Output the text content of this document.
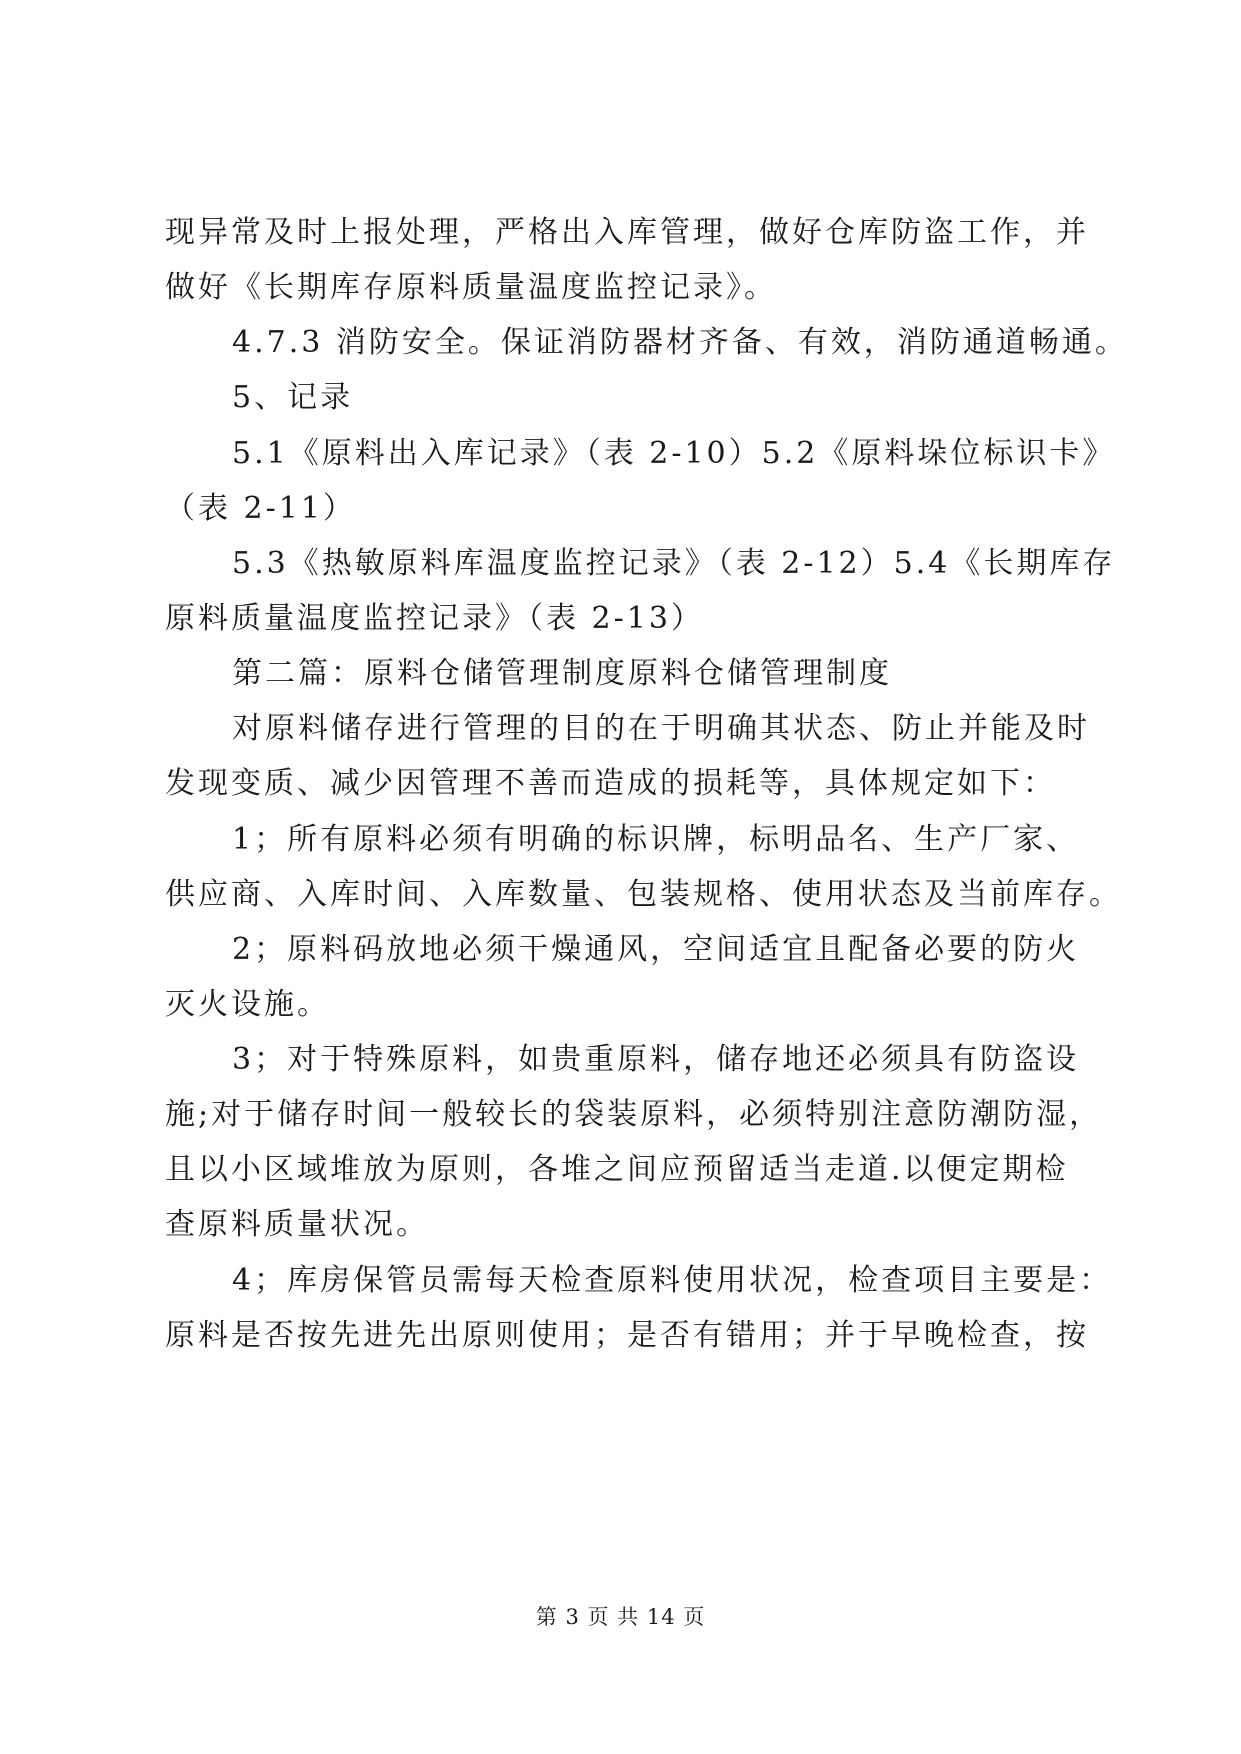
现异常及时上报处理，严格出入库管理，做好仓库防盗工作，并

做好《长期库存原料质量温度监控记录》。

4.7.3 消防安全。保证消防器材齐备、有效，消防通道畅通。

5、记录

5.1《原料出入库记录》（表 2-10）5.2《原料垛位标识卡》

（表 2-11）

5.3《热敏原料库温度监控记录》（表 2-12）5.4《长期库存

原料质量温度监控记录》（表 2-13）

第二篇：原料仓储管理制度原料仓储管理制度

对原料储存进行管理的目的在于明确其状态、防止并能及时

发现变质、减少因管理不善而造成的损耗等，具体规定如下：

1；所有原料必须有明确的标识牌，标明品名、生产厂家、

供应商、入库时间、入库数量、包装规格、使用状态及当前库存。

2；原料码放地必须干燥通风，空间适宜且配备必要的防火

灭火设施。

3；对于特殊原料，如贵重原料，储存地还必须具有防盗设

施;对于储存时间一般较长的袋装原料，必须特别注意防潮防湿，

且以小区域堆放为原则，各堆之间应预留适当走道.以便定期检

查原料质量状况。

4；库房保管员需每天检查原料使用状况，检查项目主要是：

原料是否按先进先出原则使用；是否有错用；并于早晚检查，按

第 3 页 共 14 页
